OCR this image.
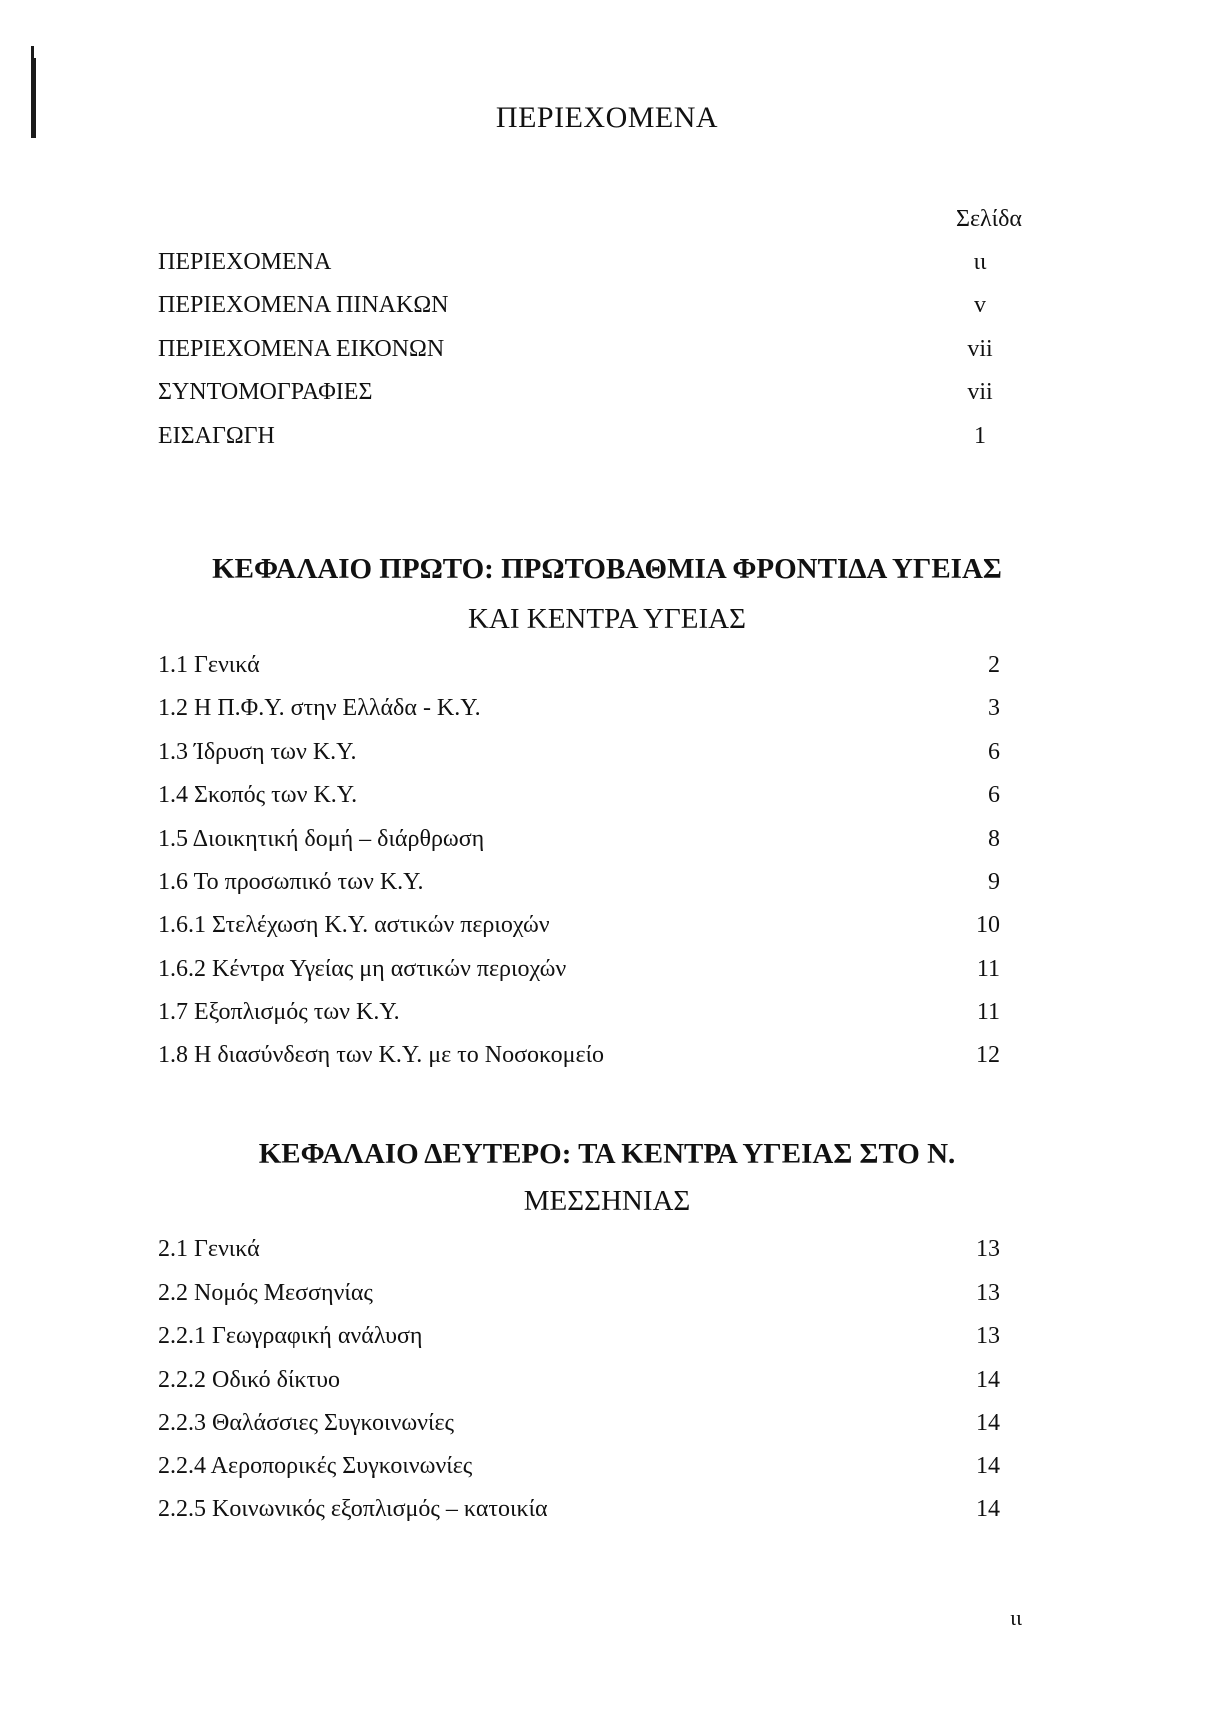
ΠΕΡΙΕΧΟΜΕΝΑ
Σελίδα
ΠΕΡΙΕΧΟΜΕΝΑ	ιι
ΠΕΡΙΕΧΟΜΕΝΑ ΠΙΝΑΚΩΝ	v
ΠΕΡΙΕΧΟΜΕΝΑ ΕΙΚΟΝΩΝ	vii
ΣΥΝΤΟΜΟΓΡΑΦΙΕΣ	vii
ΕΙΣΑΓΩΓΗ	1
ΚΕΦΑΛΑΙΟ ΠΡΩΤΟ: ΠΡΩΤΟΒΑΘΜΙΑ ΦΡΟΝΤΙΔΑ ΥΓΕΙΑΣ
ΚΑΙ ΚΕΝΤΡΑ ΥΓΕΙΑΣ
1.1 Γενικά	2
1.2 Η Π.Φ.Υ. στην Ελλάδα - Κ.Υ.	3
1.3 Ίδρυση των Κ.Υ.	6
1.4 Σκοπός των Κ.Υ.	6
1.5 Διοικητική δομή – διάρθρωση	8
1.6 Το προσωπικό των Κ.Υ.	9
1.6.1 Στελέχωση Κ.Υ. αστικών περιοχών	10
1.6.2 Κέντρα Υγείας μη αστικών περιοχών	11
1.7 Εξοπλισμός των Κ.Υ.	11
1.8 Η διασύνδεση των Κ.Υ. με το Νοσοκομείο	12
ΚΕΦΑΛΑΙΟ ΔΕΥΤΕΡΟ: ΤΑ ΚΕΝΤΡΑ ΥΓΕΙΑΣ ΣΤΟ Ν.
ΜΕΣΣΗΝΙΑΣ
2.1 Γενικά	13
2.2 Νομός Μεσσηνίας	13
2.2.1 Γεωγραφική ανάλυση	13
2.2.2 Οδικό δίκτυο	14
2.2.3 Θαλάσσιες Συγκοινωνίες	14
2.2.4 Αεροπορικές Συγκοινωνίες	14
2.2.5 Κοινωνικός εξοπλισμός – κατοικία	14
ιι
